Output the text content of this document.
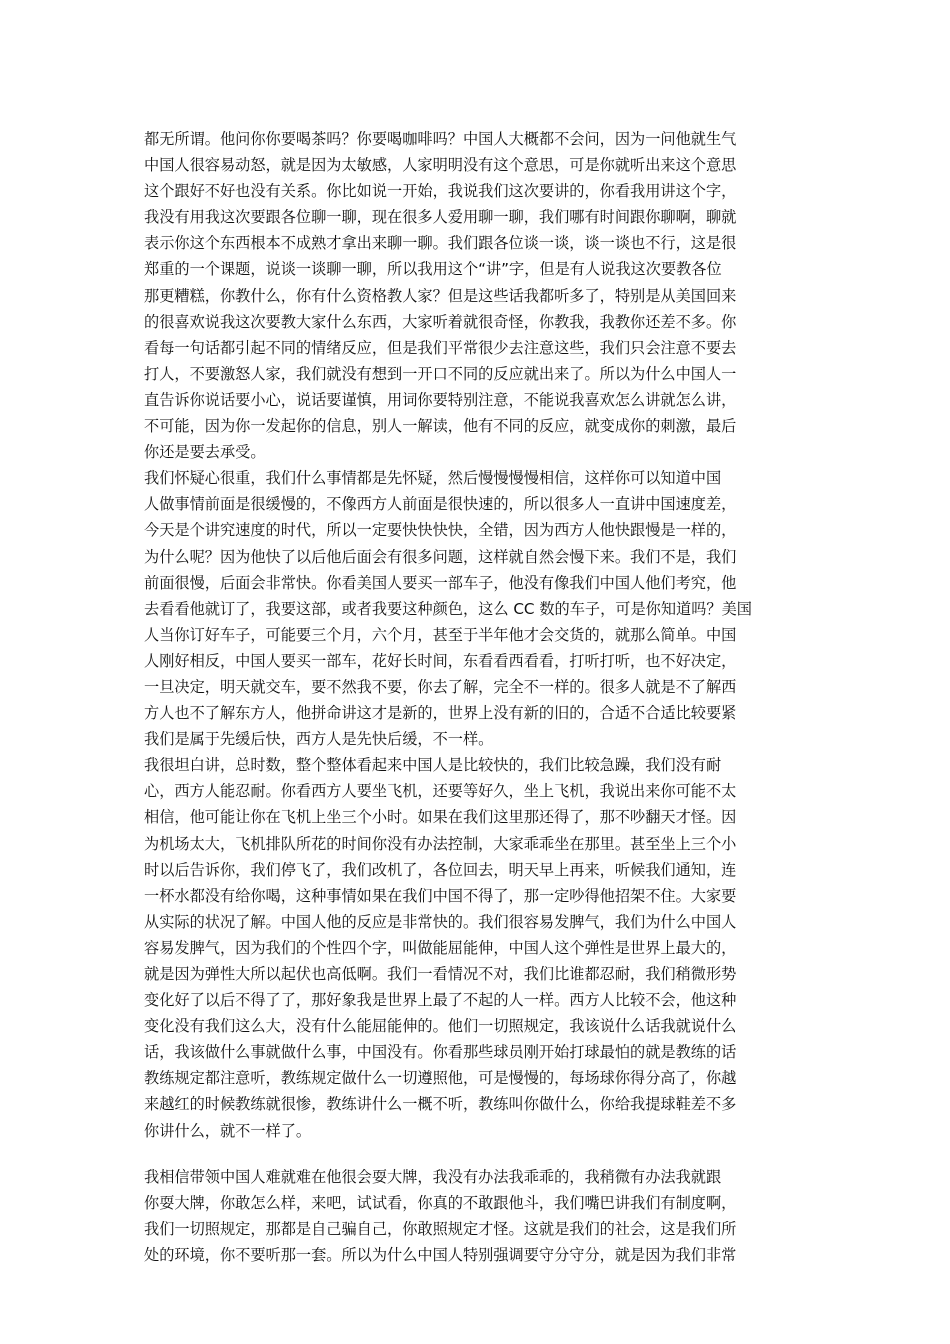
都无所谓。他问你你要喝茶吗？你要喝咖啡吗？中国人大概都不会问，因为一问他就生气
中国人很容易动怒，就是因为太敏感，人家明明没有这个意思，可是你就听出来这个意思
这个跟好不好也没有关系。你比如说一开始，我说我们这次要讲的，你看我用讲这个字，
我没有用我这次要跟各位聊一聊，现在很多人爱用聊一聊，我们哪有时间跟你聊啊，聊就
表示你这个东西根本不成熟才拿出来聊一聊。我们跟各位谈一谈，谈一谈也不行，这是很
郑重的一个课题，说谈一谈聊一聊，所以我用这个“讲”字，但是有人说我这次要教各位
那更糟糕，你教什么，你有什么资格教人家？但是这些话我都听多了，特别是从美国回来
的很喜欢说我这次要教大家什么东西，大家听着就很奇怪，你教我，我教你还差不多。你
看每一句话都引起不同的情绪反应，但是我们平常很少去注意这些，我们只会注意不要去
打人，不要激怒人家，我们就没有想到一开口不同的反应就出来了。所以为什么中国人一
直告诉你说话要小心，说话要谨慎，用词你要特别注意，不能说我喜欢怎么讲就怎么讲，
不可能，因为你一发起你的信息，别人一解读，他有不同的反应，就变成你的刺激，最后
你还是要去承受。
我们怀疑心很重，我们什么事情都是先怀疑，然后慢慢慢慢相信，这样你可以知道中国
人做事情前面是很缓慢的，不像西方人前面是很快速的，所以很多人一直讲中国速度差，
今天是个讲究速度的时代，所以一定要快快快快，全错，因为西方人他快跟慢是一样的，
为什么呢？因为他快了以后他后面会有很多问题，这样就自然会慢下来。我们不是，我们
前面很慢，后面会非常快。你看美国人要买一部车子，他没有像我们中国人他们考究，他
去看看他就订了，我要这部，或者我要这种颜色，这么 CC 数的车子，可是你知道吗？美国
人当你订好车子，可能要三个月，六个月，甚至于半年他才会交货的，就那么简单。中国
人刚好相反，中国人要买一部车，花好长时间，东看看西看看，打听打听，也不好决定，
一旦决定，明天就交车，要不然我不要，你去了解，完全不一样的。很多人就是不了解西
方人也不了解东方人，他拼命讲这才是新的，世界上没有新的旧的，合适不合适比较要紧
我们是属于先缓后快，西方人是先快后缓，不一样。
我很坦白讲，总时数，整个整体看起来中国人是比较快的，我们比较急躁，我们没有耐
心，西方人能忍耐。你看西方人要坐飞机，还要等好久，坐上飞机，我说出来你可能不太
相信，他可能让你在飞机上坐三个小时。如果在我们这里那还得了，那不吵翻天才怪。因
为机场太大，飞机排队所花的时间你没有办法控制，大家乖乖坐在那里。甚至坐上三个小
时以后告诉你，我们停飞了，我们改机了，各位回去，明天早上再来，听候我们通知，连
一杯水都没有给你喝，这种事情如果在我们中国不得了，那一定吵得他招架不住。大家要
从实际的状况了解。中国人他的反应是非常快的。我们很容易发脾气，我们为什么中国人
容易发脾气，因为我们的个性四个字，叫做能屈能伸，中国人这个弹性是世界上最大的，
就是因为弹性大所以起伏也高低啊。我们一看情况不对，我们比谁都忍耐，我们稍微形势
变化好了以后不得了了，那好象我是世界上最了不起的人一样。西方人比较不会，他这种
变化没有我们这么大，没有什么能屈能伸的。他们一切照规定，我该说什么话我就说什么
话，我该做什么事就做什么事，中国没有。你看那些球员刚开始打球最怕的就是教练的话
教练规定都注意听，教练规定做什么一切遵照他，可是慢慢的，每场球你得分高了，你越
来越红的时候教练就很惨，教练讲什么一概不听，教练叫你做什么，你给我提球鞋差不多
你讲什么，就不一样了。
我相信带领中国人难就难在他很会耍大牌，我没有办法我乖乖的，我稍微有办法我就跟
你耍大牌，你敢怎么样，来吧，试试看，你真的不敢跟他斗，我们嘴巴讲我们有制度啊，
我们一切照规定，那都是自己骗自己，你敢照规定才怪。这就是我们的社会，这是我们所
处的环境，你不要听那一套。所以为什么中国人特别强调要守分守分，就是因为我们非常
